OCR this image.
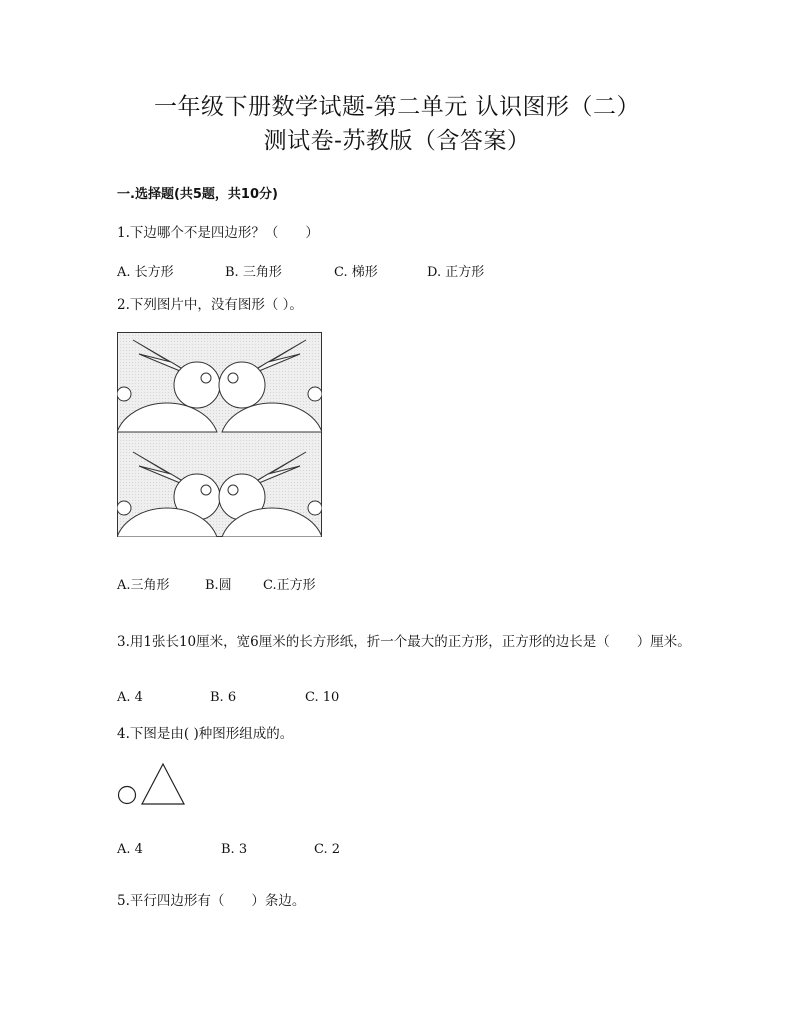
一年级下册数学试题-第二单元 认识图形（二）
测试卷-苏教版（含答案）
一.选择题(共5题，共10分)
1.下边哪个不是四边形？（　　）
A. 长方形	B. 三角形	C. 梯形	D. 正方形
2.下列图片中，没有图形（ ）。
A.三角形	B.圆 C.正方形
3.用1张长10厘米，宽6厘米的长方形纸，折一个最大的正方形，正方形的边长是（　　）厘米。
A. 4	B. 6	C. 10
4.下图是由( )种图形组成的。
A. 4	B. 3	C. 2
5.平行四边形有（　　）条边。
